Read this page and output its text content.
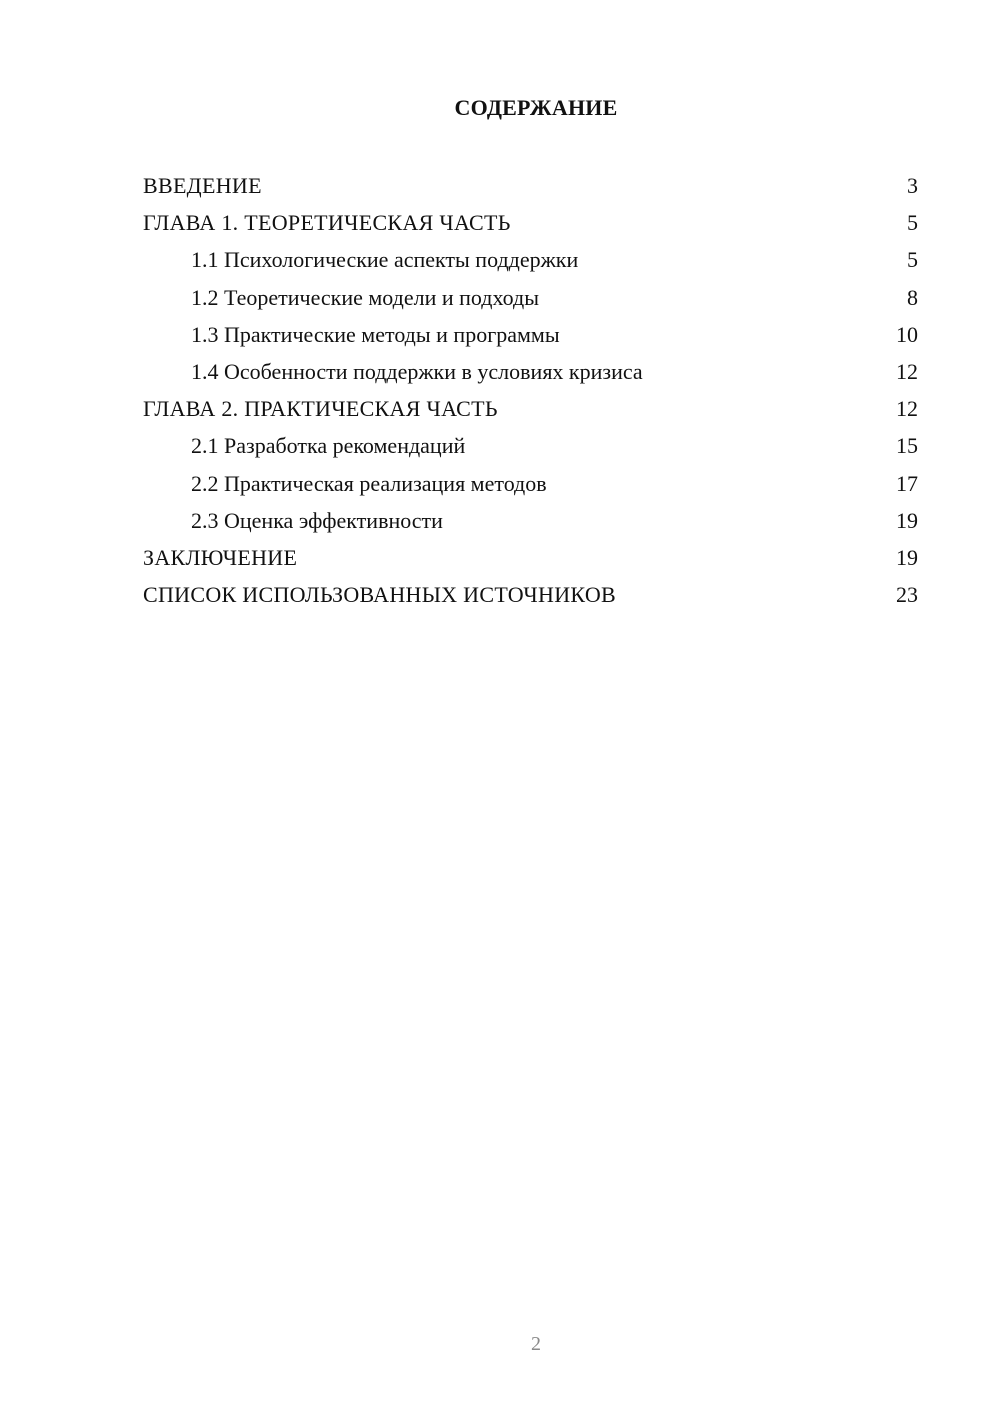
СОДЕРЖАНИЕ
ВВЕДЕНИЕ	3
ГЛАВА 1. ТЕОРЕТИЧЕСКАЯ ЧАСТЬ	5
1.1 Психологические аспекты поддержки	5
1.2 Теоретические модели и подходы	8
1.3 Практические методы и программы	10
1.4 Особенности поддержки в условиях кризиса	12
ГЛАВА 2. ПРАКТИЧЕСКАЯ ЧАСТЬ	12
2.1 Разработка рекомендаций	15
2.2 Практическая реализация методов	17
2.3 Оценка эффективности	19
ЗАКЛЮЧЕНИЕ	19
СПИСОК ИСПОЛЬЗОВАННЫХ ИСТОЧНИКОВ	23
2
